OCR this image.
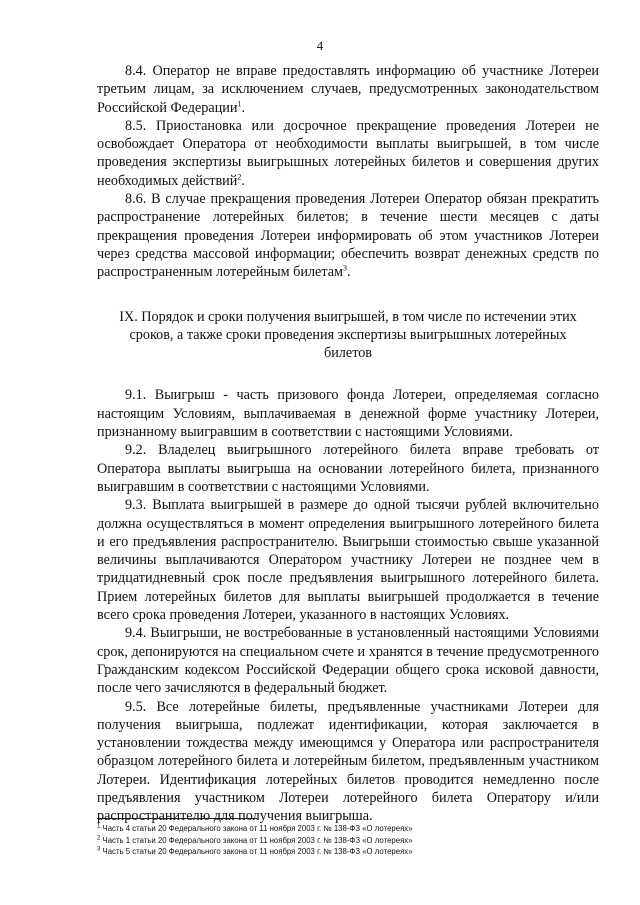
4

8.4. Оператор не вправе предоставлять информацию об участнике Лотереи третьим лицам, за исключением случаев, предусмотренных законодательством Российской Федерации$^1$.

8.5. Приостановка или досрочное прекращение проведения Лотереи не освобождает Оператора от необходимости выплаты выигрышей, в том числе проведения экспертизы выигрышных лотерейных билетов и совершения других необходимых действий$^2$.

8.6. В случае прекращения проведения Лотереи Оператор обязан прекратить распространение лотерейных билетов; в течение шести месяцев с даты прекращения проведения Лотереи информировать об этом участников Лотереи через средства массовой информации; обеспечить возврат денежных средств по распространенным лотерейным билетам$^3$.

IX. Порядок и сроки получения выигрышей, в том числе по истечении этих сроков, а также сроки проведения экспертизы выигрышных лотерейных билетов

9.1. Выигрыш - часть призового фонда Лотереи, определяемая согласно настоящим Условиям, выплачиваемая в денежной форме участнику Лотереи, признанному выигравшим в соответствии с настоящими Условиями.

9.2. Владелец выигрышного лотерейного билета вправе требовать от Оператора выплаты выигрыша на основании лотерейного билета, признанного выигравшим в соответствии с настоящими Условиями.

9.3. Выплата выигрышей в размере до одной тысячи рублей включительно должна осуществляться в момент определения выигрышного лотерейного билета и его предъявления распространителю. Выигрыши стоимостью свыше указанной величины выплачиваются Оператором участнику Лотереи не позднее чем в тридцатидневный срок после предъявления выигрышного лотерейного билета. Прием лотерейных билетов для выплаты выигрышей продолжается в течение всего срока проведения Лотереи, указанного в настоящих Условиях.

9.4. Выигрыши, не востребованные в установленный настоящими Условиями срок, депонируются на специальном счете и хранятся в течение предусмотренного Гражданским кодексом Российской Федерации общего срока исковой давности, после чего зачисляются в федеральный бюджет.

9.5. Все лотерейные билеты, предъявленные участниками Лотереи для получения выигрыша, подлежат идентификации, которая заключается в установлении тождества между имеющимся у Оператора или распространителя образцом лотерейного билета и лотерейным билетом, предъявленным участником Лотереи. Идентификация лотерейных билетов проводится немедленно после предъявления участником Лотереи лотерейного билета Оператору и/или распространителю для получения выигрыша.

$^1$ Часть 4 статьи 20 Федерального закона от 11 ноября 2003 г. № 138-ФЗ «О лотереях»
$^2$ Часть 1 статьи 20 Федерального закона от 11 ноября 2003 г. № 138-ФЗ «О лотереях»
$^3$ Часть 5 статьи 20 Федерального закона от 11 ноября 2003 г. № 138-ФЗ «О лотереях»
